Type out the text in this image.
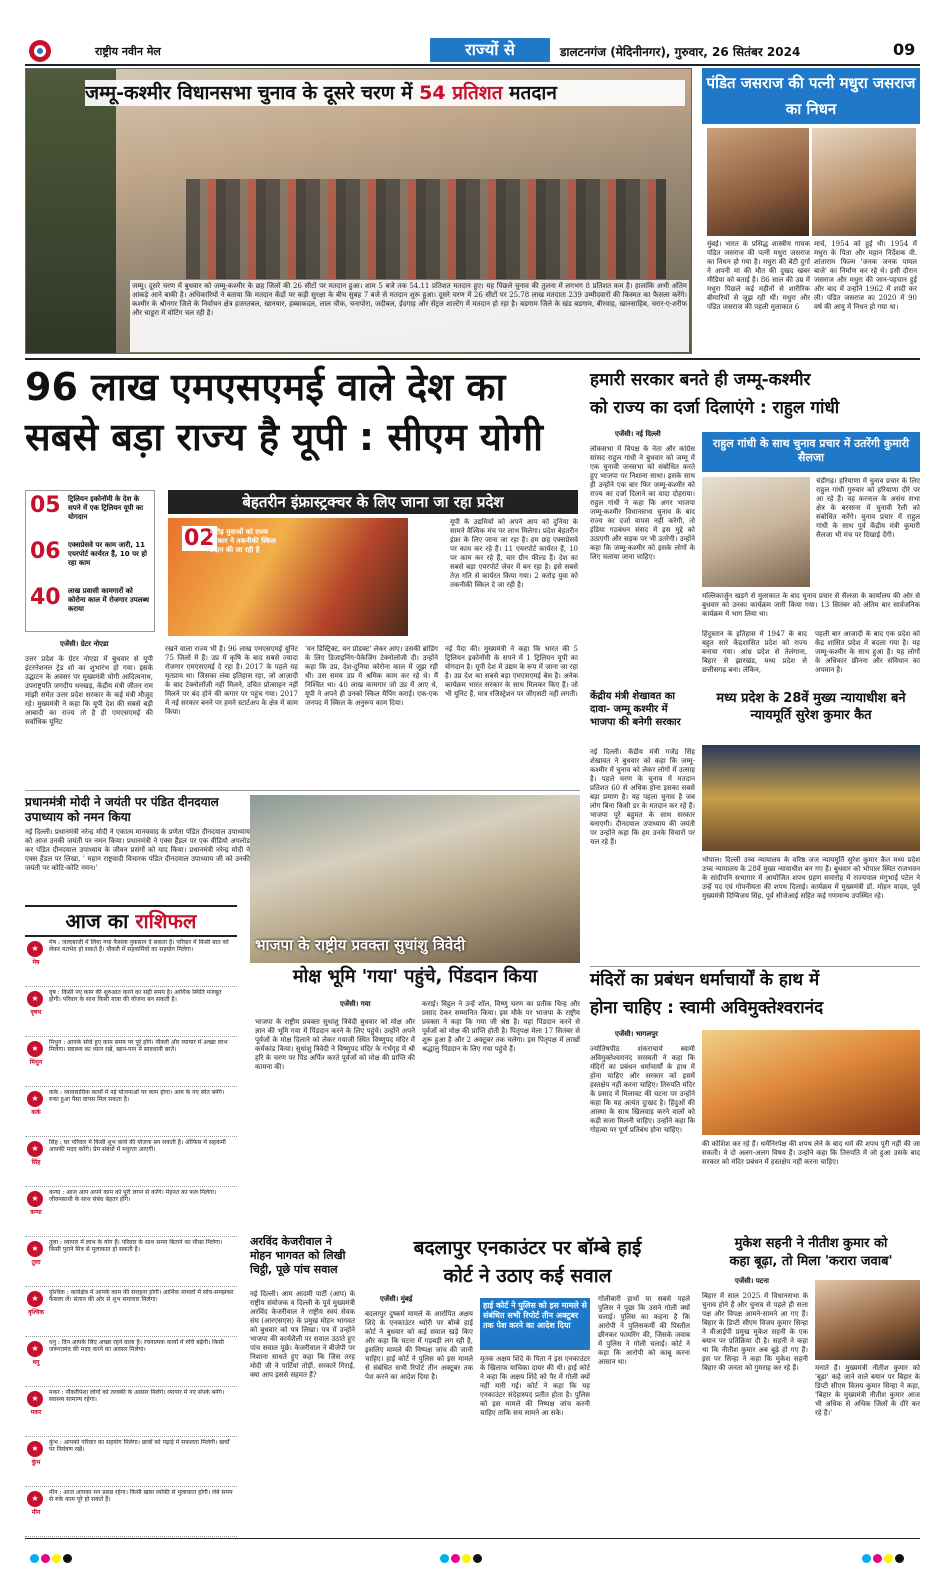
राष्ट्रीय नवीन मेल	राज्यों से	डालटनगंज (मेदिनीनगर), गुरुवार, 26 सितंबर 2024	09
जम्मू-कश्मीर विधानसभा चुनाव के दूसरे चरण में 54 प्रतिशत मतदान
जम्मू। दूसरे चरण में बुधवार को जम्मू-कश्मीर के छह जिलों की 26 सीटों पर मतदान हुआ। शाम 5 बजे तक 54.11 प्रतिशत मतदान हुए। यह पिछले चुनाव की तुलना में लगभग 8 प्रतिशत कम है। हालांकि अभी अंतिम आंकड़े आने बाकी है। अधिकारियों ने बताया कि मतदान केंद्रों पर कड़ी सुरक्षा के बीच सुबह 7 बजे से मतदान शुरू हुआ। दूसरे चरण में 26 सीटों पर 25.78 लाख मतदाता 239 उम्मीदवारों की किस्मत का फैसला करेंगे। कश्मीर के श्रीनगर जिले के निर्वाचन क्षेत्र हजरतबल, खानयार, हब्बाकदल, लाल चौक, चनापोरा, जदीबल, ईदगाह और सेंट्रल शाल्टेंग में मतदान हो रहा है। बडगाम जिले के खंड बडगाम, बीरवाह, खानसाहिब, चरार-ए-शरीफ और चाडूरा में वोटिंग चल रही है।
पंडित जसराज की पत्नी मधुरा जसराज का निधन
मुंबई। भारत के प्रसिद्ध शास्त्रीय गायक पंडित जसराज की पत्नी मधुरा जसराज का निधन हो गया है। मधुरा की बेटी दुर्गा ने अपनी मां की मौत की दुखद खबर मीडिया को बताई है। 86 साल की उम्र में मधुरा पिछले कई महीनों से शारीरिक बीमारियों से जूझ रही थीं। मधुरा और पंडित जसराज की पहली मुलाकात 6
मार्च, 1954 को हुई थी। 1954 में मधुरा के पिता और महान निर्देशक वी. शांताराम फिल्म 'जनक जनक पायल बाजे' का निर्माण कर रहे थे। इसी दौरान जसराज और मधुरा की जान-पहचान हुई और बाद में उन्होंने 1962 में शादी कर ली। पंडित जसराज का 2020 में 90 वर्ष की आयु में निधन हो गया था।
96 लाख एमएसएमई वाले देश का
सबसे बड़ा राज्य है यूपी : सीएम योगी
05 ट्रिलियन इकोनॉमी के देश के सपने में एक ट्रिलियन यूपी का योगदान
06 एक्सप्रेसवे पर काम जारी, 11 एयरपोर्ट कार्यरत हैं, 10 पर हो रहा काम
40 लाख प्रवासी कामगारों को कोरोना काल में रोजगार उपलब्ध कराया
बेहतरीन इंफ्रास्ट्रक्चर के लिए जाना जा रहा प्रदेश
02
करोड़ युवाओं को राज्य सरकार ने तकनीकी स्किल प्रदान की जा रही है
यूपी के उद्यमियों को अपने आप को दुनिया के सामने वैश्विक मंच पर लाभ मिलेगा। प्रदेश बेहतरीन इंफ्रा के लिए जाना जा रहा है। हम छह एक्सप्रेसवे पर काम कर रहे हैं। 11 एयरपोर्ट कार्यरत हैं, 10 पर काम कर रहे हैं, चार ग्रीन फील्ड हैं। देश का सबसे बड़ा एयरपोर्ट जेवर में बन रहा है। इसे सबसे तेज़ गति से कार्यरत किया गया। 2 करोड़ युवा को तकनीकी स्किल दे जा रही है।
एजेंसी। ग्रेटर नोएडा
उत्तर प्रदेश के ग्रेटर नोएडा में बुधवार से यूपी इंटरनेशनल ट्रेड शो का शुभारंभ हो गया। इसके उद्घाटन के अवसर पर मुख्यमंत्री योगी आदित्यनाथ, उपराष्ट्रपति जगदीप धनखड़, केंद्रीय मंत्री जीतन राम मांझी समेत उत्तर प्रदेश सरकार के कई मंत्री मौजूद रहे। मुख्यमंत्री ने कहा कि यूपी देश की सबसे बड़ी आबादी का राज्य तो है ही एमएसएमई की सर्वाधिक यूनिट
रखने वाला राज्य भी है। 96 लाख एमएसएमई यूनिट 75 जिलों में हैं। उप्र में कृषि के बाद सबसे ज्यादा रोजगार एमएसएमई दे रहा है। 2017 के पहले यह मृतप्राय था। जिसका लंबा इतिहास रहा, जो आज़ादी के बाद टेक्नोलॉजी नहीं मिलने, उचित प्रोत्साहन नहीं मिलने पर बंद होने की कगार पर पहुंच गया। 2017 में नई सरकार बनने पर हमने स्टार्टअप के क्षेत्र में काम किया।
'वन डिस्ट्रिक्ट, वन प्रोडक्ट' लेकर आए। उसकी ब्रांडिंग के लिए डिजाइनिंग-पैकेजिंग टेक्नोलॉजी दी। उन्होंने कहा कि उप्र, देश-दुनिया कोरोना काल में जूझ रही थी। उस समय उप्र में श्रमिक काम कर रहे थे। मैं निश्चित था। 40 लाख कामगार जो उप्र में आए थे, यूपी ने अपने ही उनको स्किल मैपिंग कराई। एक-एक जनपद में स्किल के अनुरूप काम दिया।
नई पैदा की। मुख्यमंत्री ने कहा कि भारत की 5 ट्रिलियन इकोनॉमी के सपने में 1 ट्रिलियन यूपी का योगदान है। यूपी देश में उद्यम के रूप में जाना जा रहा है। उप्र देश का सबसे बड़ा एमएसएमई बेस है। अनेक कार्यक्रम भारत सरकार के साथ मिलकर किए हैं। जो भी यूनिट हैं, मात्र रजिस्ट्रेशन पर जीएसटी नहीं लगती।
प्रधानमंत्री मोदी ने जयंती पर पंडित दीनदयाल उपाध्याय को नमन किया
नई दिल्ली। प्रधानमंत्री नरेन्द्र मोदी ने एकात्म मानववाद के प्रणेता पंडित दीनदयाल उपाध्याय को आज उनकी जयंती पर नमन किया। प्रधानमंत्री ने एक्स हैंडल पर एक वीडियो अपलोड कर पंडित दीनदयाल उपाध्याय के जीवन प्रसंगों को याद किया। प्रधानमंत्री नरेन्द्र मोदी ने एक्स हैंडल पर लिखा, ' महान राष्ट्रवादी विचारक पंडित दीनदयाल उपाध्याय जी को उनकी जयंती पर कोटि-कोटि नमन।'
आज का राशिफल
★
मेष
मेष : जल्दबाजी में लिया गया फैसला नुकसान दे सकता है। परिवार में किसी बात को लेकर मतभेद हो सकते हैं। नौकरी में सहकर्मियों का सहयोग मिलेगा।
★
वृषभ
वृष : किसी नए काम की शुरुआत करने का सही समय है। आर्थिक स्थिति मजबूत होगी। परिवार के साथ किसी यात्रा की योजना बन सकती है।
★
मिथुन
मिथुन : आपके सोचे हुए काम समय पर पूरे होंगे। नौकरी और व्यापार में अच्छा लाभ मिलेगा। स्वास्थ्य का ध्यान रखें, खान-पान में सावधानी बरतें।
★
कर्क
कर्क : व्यावसायिक कार्यों में नई योजनाओं पर काम होगा। आय के नए स्रोत बनेंगे। रुका हुआ पैसा वापस मिल सकता है।
★
सिंह
सिंह : घर परिवार में किसी शुभ कार्य की योजना बन सकती है। ऑफिस में सहकर्मी आपकी मदद करेंगे। प्रेम संबंधों में मधुरता आएगी।
★
कन्या
कन्या : आज आप अपने काम को पूरी लगन से करेंगे। मेहनत का फल मिलेगा। जीवनसाथी के साथ संबंध बेहतर होंगे।
★
तुला
तुला : व्यापार में लाभ के योग हैं। परिवार के साथ समय बिताने का मौका मिलेगा। किसी पुराने मित्र से मुलाकात हो सकती है।
★
वृश्चिक
वृश्चिक : कार्यक्षेत्र में आपके काम की सराहना होगी। आर्थिक मामलों में सोच-समझकर फैसला लें। संतान की ओर से शुभ समाचार मिलेगा।
★
धनु
धनु : दिन आपके लिए अच्छा रहने वाला है। रचनात्मक कार्यों में रुचि बढ़ेगी। किसी जरूरतमंद की मदद करने का अवसर मिलेगा।
★
मकर
मकर : नौकरीपेशा लोगों को तरक्की के अवसर मिलेंगे। व्यापार में नए संपर्क बनेंगे। स्वास्थ्य सामान्य रहेगा।
★
कुंभ
कुंभ : आपको परिवार का सहयोग मिलेगा। छात्रों को पढ़ाई में सफलता मिलेगी। खर्चों पर नियंत्रण रखें।
★
मीन
मीन : आज आपका मन प्रसन्न रहेगा। किसी खास व्यक्ति से मुलाकात होगी। लंबे समय से रुके काम पूरे हो सकते हैं।
भाजपा के राष्ट्रीय प्रवक्ता सुधांशु त्रिवेदी
मोक्ष भूमि 'गया' पहुंचे, पिंडदान किया
एजेंसी। गया
भाजपा के राष्ट्रीय प्रवक्ता सुधांशु त्रिवेदी बुधवार को मोक्ष और ज्ञान की भूमि गया में पिंडदान करने के लिए पहुंचे। उन्होंने अपने पूर्वजों के मोक्ष दिलाने को लेकर गयाजी स्थित विष्णुपद मंदिर में कर्मकांड किया। सुधांशु त्रिवेदी ने विष्णुपद मंदिर के गर्भगृह में श्री हरि के चरण पर पिंड अर्पित करते पूर्वजों को मोक्ष की प्राप्ति की कामना की।
कराई। विट्ठल ने उन्हें शॉल, विष्णु चरण का प्रतीक चिन्ह और प्रसाद देकर सम्मानित किया। इस मौके पर भाजपा के राष्ट्रीय प्रवक्ता ने कहा कि गया जी श्रेष्ठ है। यहां पिंडदान करने से पूर्वजों को मोक्ष की प्राप्ति होती है। पितृपक्ष मेला 17 सितंबर से शुरू हुआ है और 2 अक्टूबर तक चलेगा। इस पितृपक्ष में लाखों श्रद्धालु पिंडदान के लिए गया पहुंचे हैं।
अरविंद केजरीवाल ने मोहन भागवत को लिखी चिट्ठी, पूछे पांच सवाल
नई दिल्ली। आम आदमी पार्टी (आप) के राष्ट्रीय संयोजक व दिल्ली के पूर्व मुख्यमंत्री अरविंद केजरीवाल ने राष्ट्रीय स्वयं सेवक संघ (आरएसएस) के प्रमुख मोहन भागवत को बुधवार को पत्र लिखा। पत्र में उन्होंने भाजपा की कार्यशैली पर सवाल उठाते हुए पांच सवाल पूछे। केजरीवाल ने बीजेपी पर निशाना साधते हुए कहा कि जिस तरह मोदी जी ने पार्टियां तोड़ीं, सरकारें गिराईं, क्या आप इससे सहमत हैं?
बदलापुर एनकाउंटर पर बॉम्बे हाई
कोर्ट ने उठाए कई सवाल
एजेंसी। मुंबई
हाई कोर्ट ने पुलिस को इस मामले से संबंधित सभी रिपोर्ट तीन अक्टूबर तक पेश करने का आदेश दिया
बदलापुर दुष्कर्म मामले के आरोपित अक्षय शिंदे के एनकाउंटर थ्योरी पर बॉम्बे हाई कोर्ट ने बुधवार को कई सवाल खड़े किए और कहा कि घटना में गड़बड़ी लग रही है, इसलिए मामले की निष्पक्ष जांच की जानी चाहिए। हाई कोर्ट ने पुलिस को इस मामले से संबंधित सभी रिपोर्ट तीन अक्टूबर तक पेश करने का आदेश दिया है।
मृतक अक्षय शिंदे के पिता ने इस एनकाउंटर के खिलाफ याचिका दायर की थी। हाई कोर्ट ने कहा कि अक्षय शिंदे को पैर में गोली क्यों नहीं मारी गई। कोर्ट ने कहा कि यह एनकाउंटर संदेहास्पद प्रतीत होता है। पुलिस को इस मामले की निष्पक्ष जांच करनी चाहिए ताकि सच सामने आ सके।
गोलीबारी हाथों या सबसे पहले पुलिस ने पूछा कि उसने गोली क्यों चलाई। पुलिस का कहना है कि आरोपी ने पुलिसकर्मी की पिस्तौल छीनकर फायरिंग की, जिसके जवाब में पुलिस ने गोली चलाई। कोर्ट ने कहा कि आरोपी को काबू करना आसान था।
हमारी सरकार बनते ही जम्मू-कश्मीर
को राज्य का दर्जा दिलाएंगे : राहुल गांधी
एजेंसी। नई दिल्ली
लोकसभा में विपक्ष के नेता और कांग्रेस सांसद राहुल गांधी ने बुधवार को जम्मू में एक चुनावी जनसभा को संबोधित करते हुए भाजपा पर निशाना साधा। इसके साथ ही उन्होंने एक बार फिर जम्मू-कश्मीर को राज्य का दर्जा दिलाने का वादा दोहराया। राहुल गांधी ने कहा कि अगर भाजपा जम्मू-कश्मीर विधानसभा चुनाव के बाद राज्य का दर्जा वापस नहीं करेगी, तो इंडिया गठबंधन संसद में इस मुद्दे को उठाएगी और सड़क पर भी उतरेगी। उन्होंने कहा कि जम्मू-कश्मीर को इसके लोगों के लिए चलाया जाना चाहिए।
राहुल गांधी के साथ चुनाव प्रचार में उतरेंगी कुमारी सैलजा
चंडीगढ़। हरियाणा में चुनाव प्रचार के लिए राहुल गांधी गुरुवार को हरियाणा दौरे पर आ रहे हैं। वह करनाल के असंध सभा क्षेत्र के बरसाना में चुनावी रैली को संबोधित करेंगे। चुनाव प्रचार में राहुल गांधी के साथ पूर्व केंद्रीय मंत्री कुमारी सैलजा भी मंच पर दिखाई देंगी।
मल्लिकार्जुन खड़गे से मुलाकात के बाद चुनाव प्रचार से सैलजा के कार्यालय की ओर से बुधवार को उनका कार्यक्रम जारी किया गया। 13 सितंबर को अंतिम बार सार्वजनिक कार्यक्रम में भाग लिया था।
हिंदुस्तान के इतिहास में 1947 के बाद बहुत सारे केंद्रशासित प्रदेश को राज्य बनाया गया। आंध्र प्रदेश से तेलंगाना, बिहार से झारखंड, मध्य प्रदेश से छत्तीसगढ़ बना। लेकिन,
पहली बार आजादी के बाद एक प्रदेश को केंद्र शासित प्रदेश में बदला गया है। यह जम्मू-कश्मीर के साथ हुआ है। यह लोगों के अधिकार छीनना और संविधान का अपमान है।
केंद्रीय मंत्री शेखावत का दावा- जम्मू कश्मीर में भाजपा की बनेगी सरकार
नई दिल्ली। केंद्रीय मंत्री गजेंद्र सिंह शेखावत ने बुधवार को कहा कि जम्मू-कश्मीर में चुनाव को लेकर लोगों में उत्साह है। पहले चरण के चुनाव में मतदान प्रतिशत 60 से अधिक होना इसका सबसे बड़ा प्रमाण है। यह पहला चुनाव है जब लोग बिना किसी डर के मतदान कर रहे हैं। भाजपा पूरे बहुमत के साथ सरकार बनाएगी। दीनदयाल उपाध्याय की जयंती पर उन्होंने कहा कि हम उनके विचारों पर चल रहे हैं।
मध्य प्रदेश के 28वें मुख्य न्यायाधीश बने न्यायमूर्ति सुरेश कुमार कैत
भोपाल। दिल्ली उच्च न्यायालय के वरिष्ठ जज न्यायमूर्ति सुरेश कुमार कैत मध्य प्रदेश उच्च न्यायालय के 28वें मुख्य न्यायाधीश बन गए हैं। बुधवार को भोपाल स्थित राजभवन के सांदीपनि सभागार में आयोजित शपथ ग्रहण समारोह में राज्यपाल मंगुभाई पटेल ने उन्हें पद एवं गोपनीयता की शपथ दिलाई। कार्यक्रम में मुख्यमंत्री डॉ. मोहन यादव, पूर्व मुख्यमंत्री दिग्विजय सिंह, पूर्व सीजेआई सहित कई गणमान्य उपस्थित रहे।
मंदिरों का प्रबंधन धर्माचार्यों के हाथ में
होना चाहिए : स्वामी अविमुक्तेश्वरानंद
एजेंसी। भागलपुर
ज्योतिषपीठ शंकराचार्य स्वामी अविमुक्तेश्वरानंद सरस्वती ने कहा कि मंदिरों का प्रबंधन धर्माचार्यों के हाथ में होना चाहिए और सरकार को इसमें हस्तक्षेप नहीं करना चाहिए। तिरुपति मंदिर के प्रसाद में मिलावट की घटना पर उन्होंने कहा कि यह अत्यंत दुःखद है। हिंदुओं की आस्था के साथ खिलवाड़ करने वालों को कड़ी सजा मिलनी चाहिए। उन्होंने कहा कि गोहत्या पर पूर्ण प्रतिबंध होना चाहिए।
की कोशिश कर रहे हैं। धर्मनिरपेक्ष की शपथ लेने के बाद धर्म की शपथ पूरी नहीं की जा सकती। वे दो अलग-अलग विषय हैं। उन्होंने कहा कि तिरुपति में जो हुआ उसके बाद सरकार को मंदिर प्रबंधन में हस्तक्षेप नहीं करना चाहिए।
मुकेश सहनी ने नीतीश कुमार को
कहा बूढ़ा, तो मिला 'करारा जवाब'
एजेंसी। पटना
बिहार में साल 2025 में विधानसभा के चुनाव होने हैं और चुनाव से पहले ही सत्ता पक्ष और विपक्ष आमने-सामने आ गए हैं। बिहार के डिप्टी सीएम विजय कुमार सिन्हा ने वीआईपी प्रमुख मुकेश सहनी के एक बयान पर प्रतिक्रिया दी है। सहनी ने कहा था कि नीतीश कुमार अब बूढ़े हो गए हैं। इस पर सिन्हा ने कहा कि मुकेश सहनी बिहार की जनता को गुमराह कर रहे हैं।	मनाते हैं। मुख्यमंत्री नीतीश कुमार को 'बूढ़ा' कहे जाने वाले बयान पर बिहार के डिप्टी सीएम विजय कुमार सिन्हा ने कहा, 'बिहार के मुख्यमंत्री नीतीश कुमार आज भी अधिक से अधिक जिलों के दौरे कर रहे हैं।'
